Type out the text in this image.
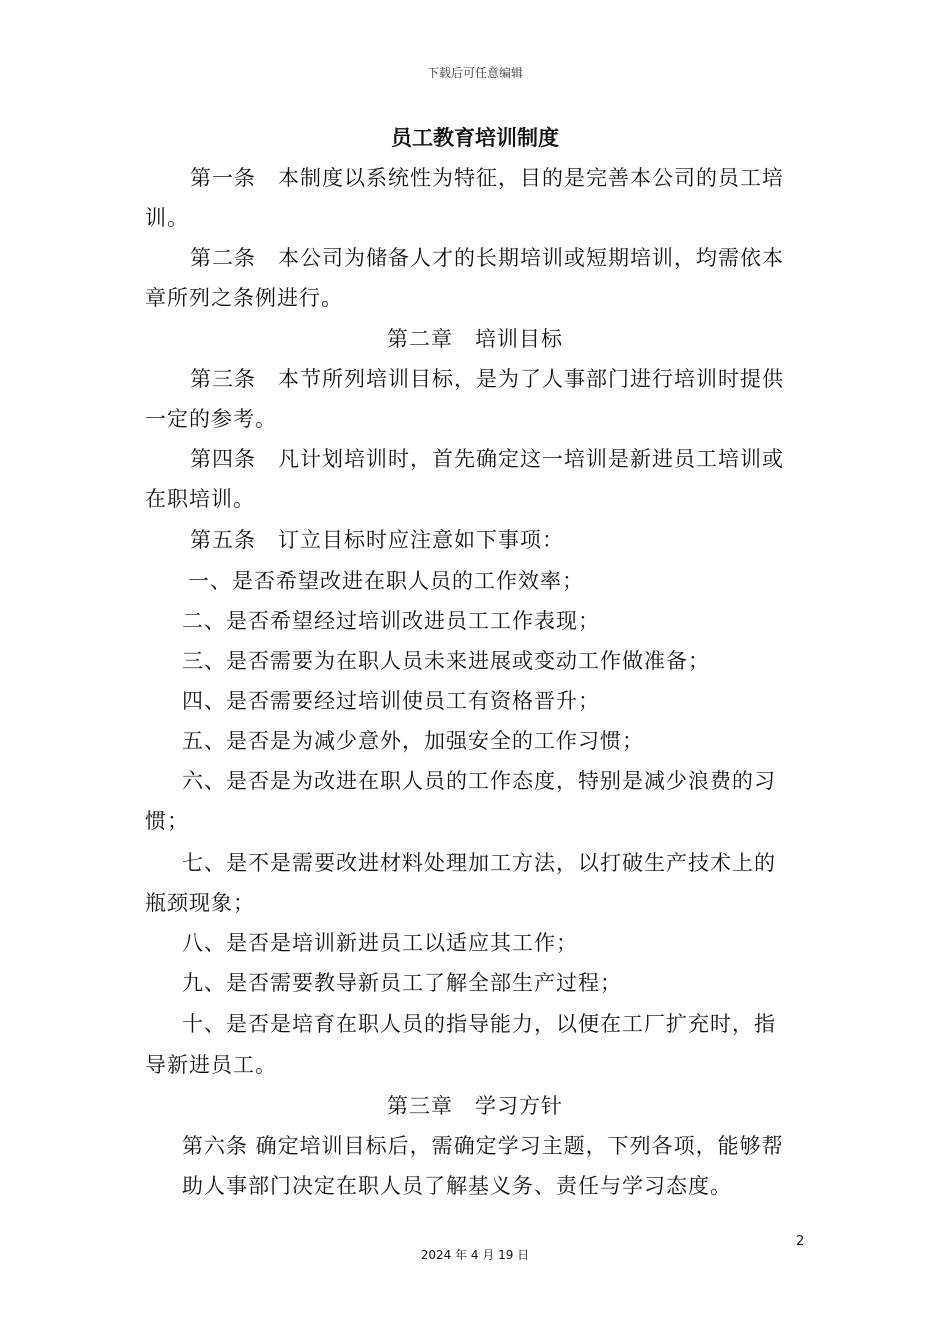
下载后可任意编辑
员工教育培训制度
第一条　本制度以系统性为特征，目的是完善本公司的员工培
训。
第二条　本公司为储备人才的长期培训或短期培训，均需依本
章所列之条例进行。
第二章　培训目标
第三条　本节所列培训目标，是为了人事部门进行培训时提供
一定的参考。
第四条　凡计划培训时，首先确定这一培训是新进员工培训或
在职培训。
第五条　订立目标时应注意如下事项：
一、是否希望改进在职人员的工作效率；
二、是否希望经过培训改进员工工作表现；
三、是否需要为在职人员未来进展或变动工作做准备；
四、是否需要经过培训使员工有资格晋升；
五、是否是为减少意外，加强安全的工作习惯；
六、是否是为改进在职人员的工作态度，特别是减少浪费的习
惯；
七、是不是需要改进材料处理加工方法，以打破生产技术上的
瓶颈现象；
八、是否是培训新进员工以适应其工作；
九、是否需要教导新员工了解全部生产过程；
十、是否是培育在职人员的指导能力，以便在工厂扩充时，指
导新进员工。
第三章　学习方针
第六条 确定培训目标后，需确定学习主题，下列各项，能够帮
助人事部门决定在职人员了解基义务、责任与学习态度。
2
2024 年 4 月 19 日
